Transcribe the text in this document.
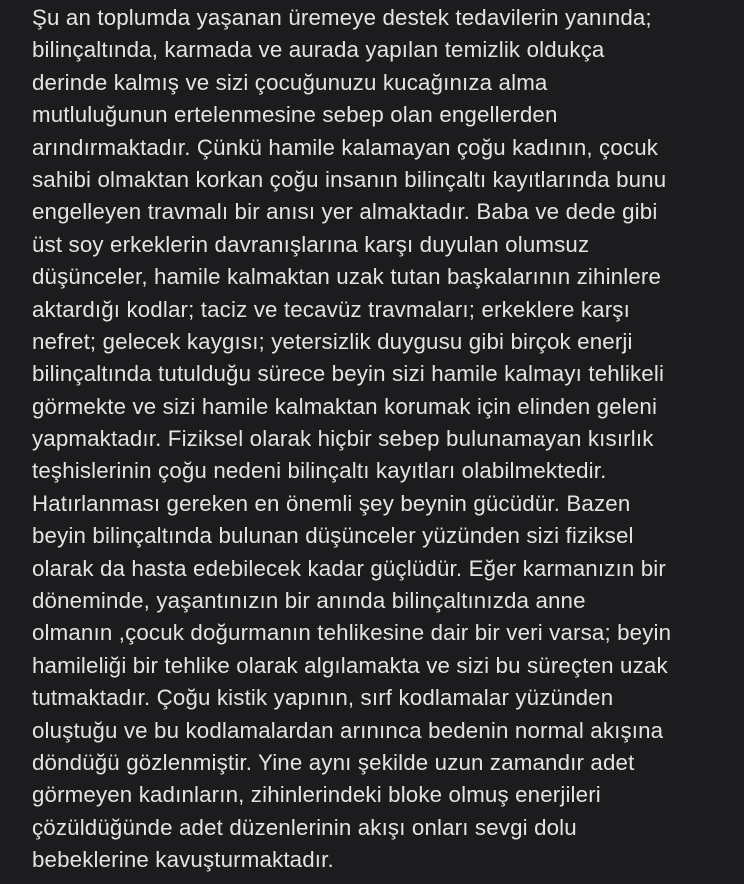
Şu an toplumda yaşanan üremeye destek tedavilerin yanında;
bilinçaltında, karmada ve aurada yapılan temizlik oldukça
derinde kalmış ve sizi çocuğunuzu kucağınıza alma
mutluluğunun ertelenmesine sebep olan engellerden
arındırmaktadır. Çünkü hamile kalamayan çoğu kadının, çocuk
sahibi olmaktan korkan çoğu insanın bilinçaltı kayıtlarında bunu
engelleyen travmalı bir anısı yer almaktadır. Baba ve dede gibi
üst soy erkeklerin davranışlarına karşı duyulan olumsuz
düşünceler, hamile kalmaktan uzak tutan başkalarının zihinlere
aktardığı kodlar; taciz ve tecavüz travmaları; erkeklere karşı
nefret; gelecek kaygısı; yetersizlik duygusu gibi birçok enerji
bilinçaltında tutulduğu sürece beyin sizi hamile kalmayı tehlikeli
görmekte ve sizi hamile kalmaktan korumak için elinden geleni
yapmaktadır. Fiziksel olarak hiçbir sebep bulunamayan kısırlık
teşhislerinin çoğu nedeni bilinçaltı kayıtları olabilmektedir.
Hatırlanması gereken en önemli şey beynin gücüdür. Bazen
beyin bilinçaltında bulunan düşünceler yüzünden sizi fiziksel
olarak da hasta edebilecek kadar güçlüdür. Eğer karmanızın bir
döneminde, yaşantınızın bir anında bilinçaltınızda anne
olmanın ,çocuk doğurmanın tehlikesine dair bir veri varsa; beyin
hamileliği bir tehlike olarak algılamakta ve sizi bu süreçten uzak
tutmaktadır. Çoğu kistik yapının, sırf kodlamalar yüzünden
oluştuğu ve bu kodlamalardan arınınca bedenin normal akışına
döndüğü gözlenmiştir. Yine aynı şekilde uzun zamandır adet
görmeyen kadınların, zihinlerindeki bloke olmuş enerjileri
çözüldüğünde adet düzenlerinin akışı onları sevgi dolu
bebeklerine kavuşturmaktadır.
